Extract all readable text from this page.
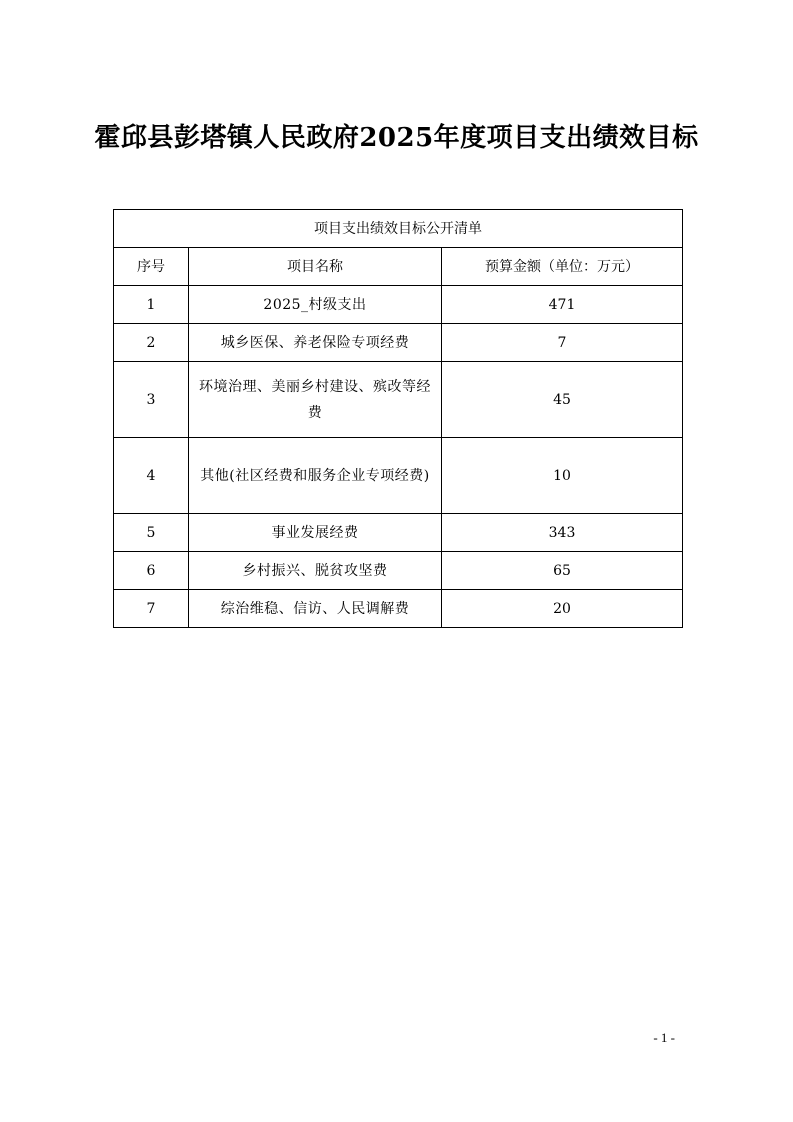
霍邱县彭塔镇人民政府2025年度项目支出绩效目标
项目支出绩效目标公开清单		
序号	项目名称	预算金额（单位：万元）
1	2025_村级支出	471
2	城乡医保、养老保险专项经费	7
3	环境治理、美丽乡村建设、殡改等经费	45
4	其他(社区经费和服务企业专项经费)	10
5	事业发展经费	343
6	乡村振兴、脱贫攻坚费	65
7	综治维稳、信访、人民调解费	20
- 1 -
